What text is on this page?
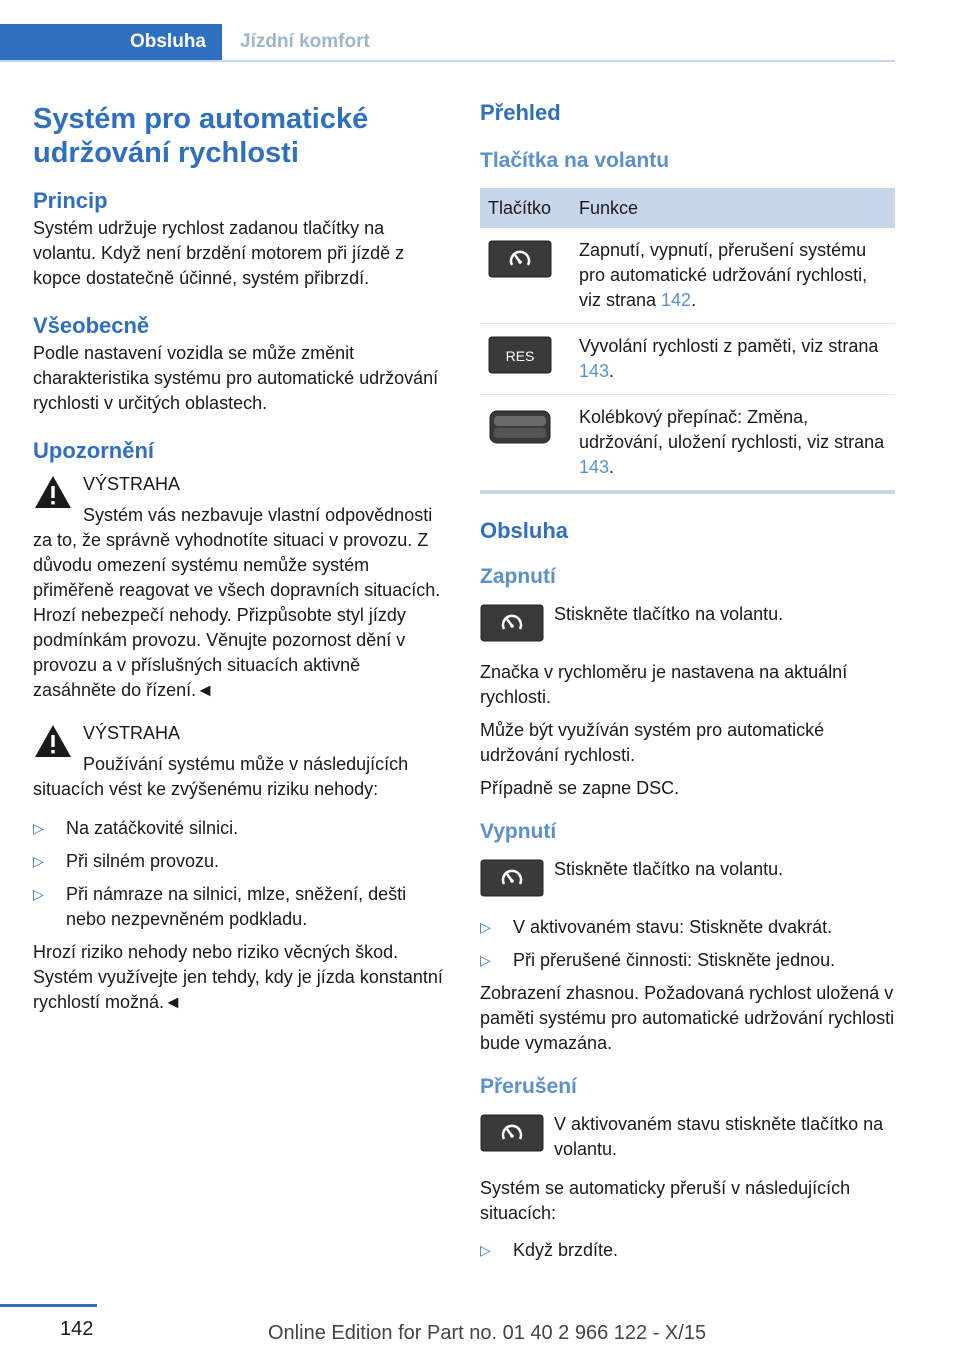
Obsluha	Jízdní komfort
Systém pro automatické udržování rychlosti
Princip

Systém udržuje rychlost zadanou tlačítky na volantu. Když není brzdění motorem při jízdě z kopce dostatečně účinné, systém přibrzdí.

Všeobecně

Podle nastavení vozidla se může změnit charakteristika systému pro automatické udržování rychlosti v určitých oblastech.

Upozornění
VÝSTRAHA

Systém vás nezbavuje vlastní odpovědnosti za to, že správně vyhodnotíte situaci v provozu. Z důvodu omezení systému nemůže systém přiměřeně reagovat ve všech dopravních situacích. Hrozí nebezpečí nehody. Přizpůsobte styl jízdy podmínkám provozu. Věnujte pozornost dění v provozu a v příslušných situacích aktivně zasáhněte do řízení.◄

VÝSTRAHA

Používání systému může v následujících situacích vést ke zvýšenému riziku nehody:

▷ Na zatáčkovité silnici.
▷ Při silném provozu.
▷ Při námraze na silnici, mlze, sněžení, dešti nebo nezpevněném podkladu.

Hrozí riziko nehody nebo riziko věcných škod. Systém využívejte jen tehdy, kdy je jízda konstantní rychlostí možná.◄

Přehled
Tlačítka na volantu
Tlačítko	Funkce
	Zapnutí, vypnutí, přerušení systému pro automatické udržování rychlosti, viz strana 142.

RES	Vyvolání rychlosti z paměti, viz strana 143.
	Kolébkový přepínač: Změna, udržování, uložení rychlosti, viz strana 143.
Obsluha
Zapnutí

Stiskněte tlačítko na volantu.

Značka v rychloměru je nastavena na aktuální rychlosti.

Může být využíván systém pro automatické udržování rychlosti.

Případně se zapne DSC.

Vypnutí

Stiskněte tlačítko na volantu.

▷ V aktivovaném stavu: Stiskněte dvakrát.
▷ Při přerušené činnosti: Stiskněte jednou.

Zobrazení zhasnou. Požadovaná rychlost uložená v paměti systému pro automatické udržování rychlosti bude vymazána.

Přerušení

V aktivovaném stavu stiskněte tlačítko na volantu.

Systém se automaticky přeruší v následujících situacích:

▷ Když brzdíte.
142	Online Edition for Part no. 01 40 2 966 122 - X/15
